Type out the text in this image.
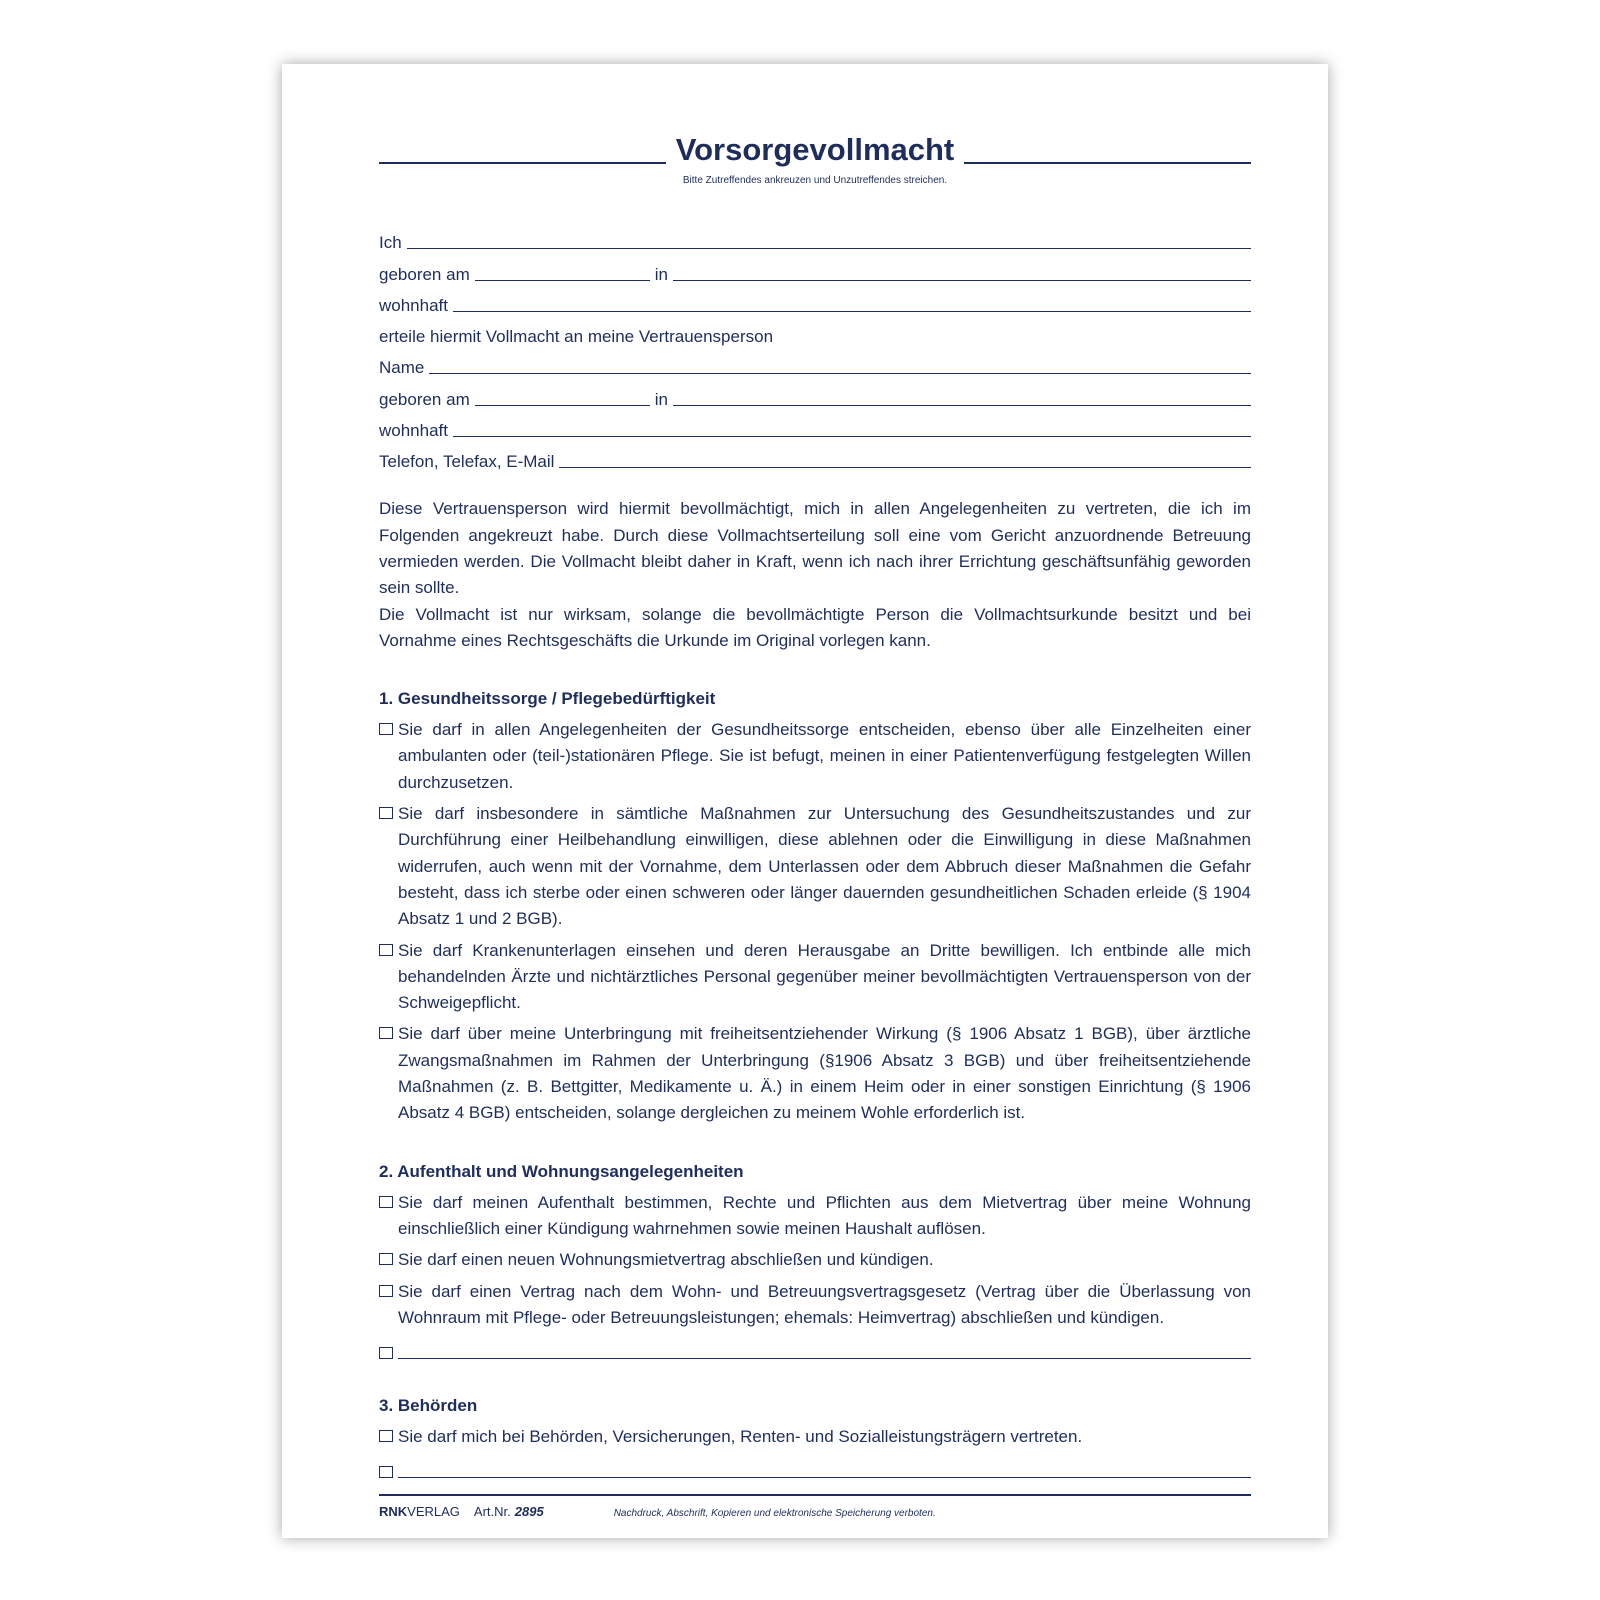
Vorsorgevollmacht
Bitte Zutreffendes ankreuzen und Unzutreffendes streichen.
Ich
geboren am	in
wohnhaft
erteile hiermit Vollmacht an meine Vertrauensperson
Name
geboren am	in
wohnhaft
Telefon, Telefax, E-Mail

Diese Vertrauensperson wird hiermit bevollmächtigt, mich in allen Angelegenheiten zu vertreten, die ich im Folgenden angekreuzt habe. Durch diese Vollmachtserteilung soll eine vom Gericht anzuordnende Betreuung vermieden werden. Die Vollmacht bleibt daher in Kraft, wenn ich nach ihrer Errichtung geschäftsunfähig geworden sein sollte.

Die Vollmacht ist nur wirksam, solange die bevollmächtigte Person die Vollmachtsurkunde besitzt und bei Vornahme eines Rechtsgeschäfts die Urkunde im Original vorlegen kann.

1. Gesundheitssorge / Pflegebedürftigkeit
Sie darf in allen Angelegenheiten der Gesundheitssorge entscheiden, ebenso über alle Einzelheiten einer ambulanten oder (teil-)stationären Pflege. Sie ist befugt, meinen in einer Patientenverfügung festgelegten Willen durchzusetzen.
Sie darf insbesondere in sämtliche Maßnahmen zur Untersuchung des Gesundheitszustandes und zur Durchführung einer Heilbehandlung einwilligen, diese ablehnen oder die Einwilligung in diese Maßnahmen widerrufen, auch wenn mit der Vornahme, dem Unterlassen oder dem Abbruch dieser Maßnahmen die Gefahr besteht, dass ich sterbe oder einen schweren oder länger dauernden gesundheitlichen Schaden erleide (§ 1904 Absatz 1 und 2 BGB).
Sie darf Krankenunterlagen einsehen und deren Herausgabe an Dritte bewilligen. Ich entbinde alle mich behandelnden Ärzte und nichtärztliches Personal gegenüber meiner bevollmächtigten Vertrauensperson von der Schweigepflicht.
Sie darf über meine Unterbringung mit freiheitsentziehender Wirkung (§ 1906 Absatz 1 BGB), über ärztliche Zwangsmaßnahmen im Rahmen der Unterbringung (§1906 Absatz 3 BGB) und über freiheitsentziehende Maßnahmen (z. B. Bettgitter, Medikamente u. Ä.) in einem Heim oder in einer sonstigen Einrichtung (§ 1906 Absatz 4 BGB) entscheiden, solange dergleichen zu meinem Wohle erforderlich ist.
2. Aufenthalt und Wohnungsangelegenheiten
Sie darf meinen Aufenthalt bestimmen, Rechte und Pflichten aus dem Mietvertrag über meine Wohnung einschließlich einer Kündigung wahrnehmen sowie meinen Haushalt auflösen.
Sie darf einen neuen Wohnungsmietvertrag abschließen und kündigen.
Sie darf einen Vertrag nach dem Wohn- und Betreuungsvertragsgesetz (Vertrag über die Überlassung von Wohnraum mit Pflege- oder Betreuungsleistungen; ehemals: Heimvertrag) abschließen und kündigen.
3. Behörden
Sie darf mich bei Behörden, Versicherungen, Renten- und Sozialleistungsträgern vertreten.
RNKVERLAG Art.Nr. 2895	Nachdruck, Abschrift, Kopieren und elektronische Speicherung verboten.
